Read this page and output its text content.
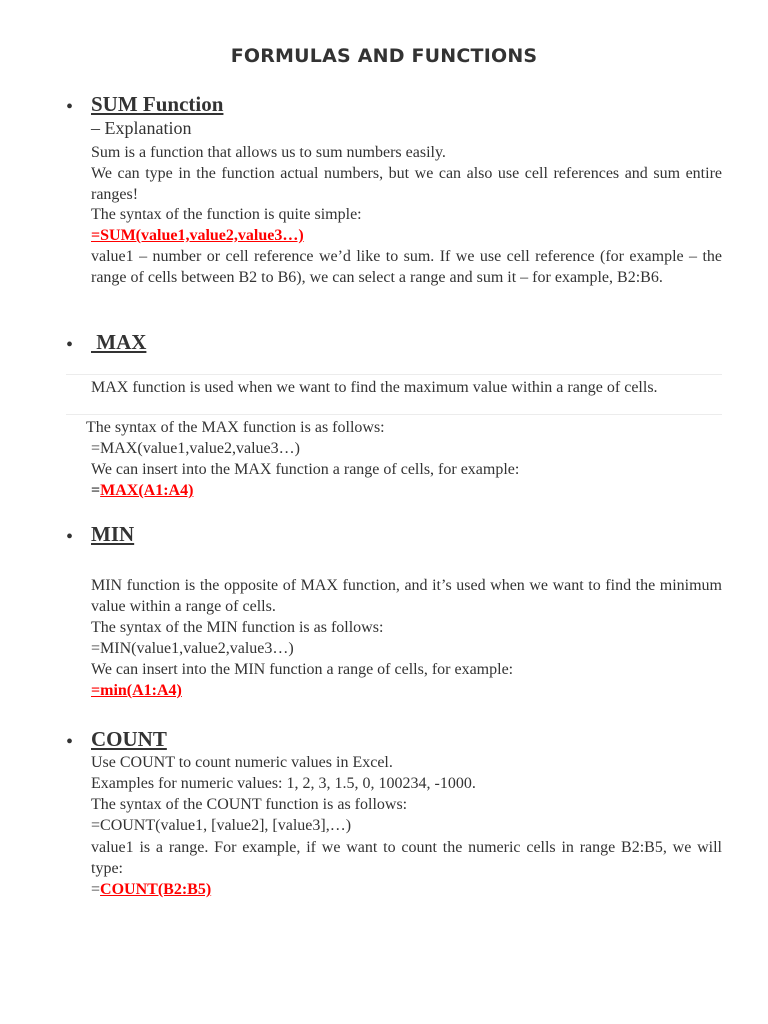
FORMULAS AND FUNCTIONS
• SUM Function
– Explanation
Sum is a function that allows us to sum numbers easily.
We can type in the function actual numbers, but we can also use cell references and sum entire ranges!
The syntax of the function is quite simple:
=SUM(value1,value2,value3…)
value1 – number or cell reference we’d like to sum. If we use cell reference (for example – the range of cells between B2 to B6), we can select a range and sum it – for example, B2:B6.
• MAX
MAX function is used when we want to find the maximum value within a range of cells.
The syntax of the MAX function is as follows:
=MAX(value1,value2,value3…)
We can insert into the MAX function a range of cells, for example:
=MAX(A1:A4)
• MIN
MIN function is the opposite of MAX function, and it’s used when we want to find the minimum value within a range of cells.
The syntax of the MIN function is as follows:
=MIN(value1,value2,value3…)
We can insert into the MIN function a range of cells, for example:
=min(A1:A4)
• COUNT
Use COUNT to count numeric values in Excel.
Examples for numeric values: 1, 2, 3, 1.5, 0, 100234, -1000.
The syntax of the COUNT function is as follows:
=COUNT(value1, [value2], [value3],…)
value1 is a range. For example, if we want to count the numeric cells in range B2:B5, we will type:
=COUNT(B2:B5)
